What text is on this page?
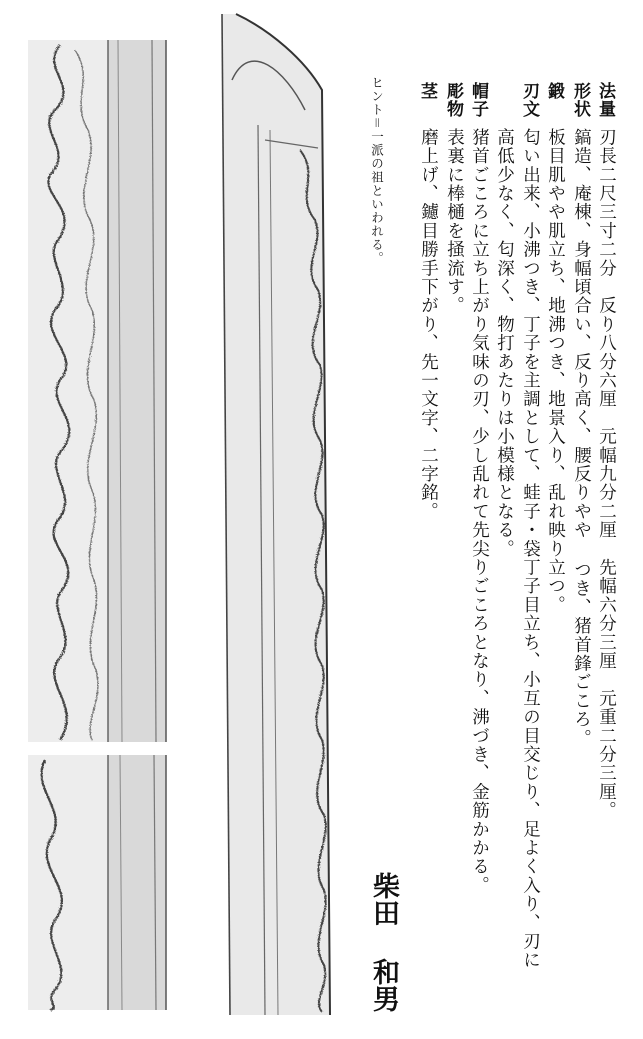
法量
刃長二尺三寸二分　反り八分六厘　元幅九分二厘　先幅六分三厘　元重二分三厘。
形状
鎬造、庵棟、身幅頃合い、反り高く、腰反りやや つき、猪首鋒ごころ。
鍛
板目肌やや肌立ち、地沸つき、地景入り、乱れ映り立つ。
刃文
匂い出来、小沸つき、丁子を主調として、蛙子・袋丁子目立ち、小互の目交じり、足よく入り、刃に
高低少なく、匂深く、物打あたりは小模様となる。
帽子
猪首ごころに立ち上がり気味の刃、少し乱れて先尖りごころとなり、沸づき、金筋かかる。
彫物
表裏に棒樋を掻流す。
茎
磨上げ、鑢目勝手下がり、先一文字、二字銘。
ヒント＝一派の祖といわれる。
柴田
和男
